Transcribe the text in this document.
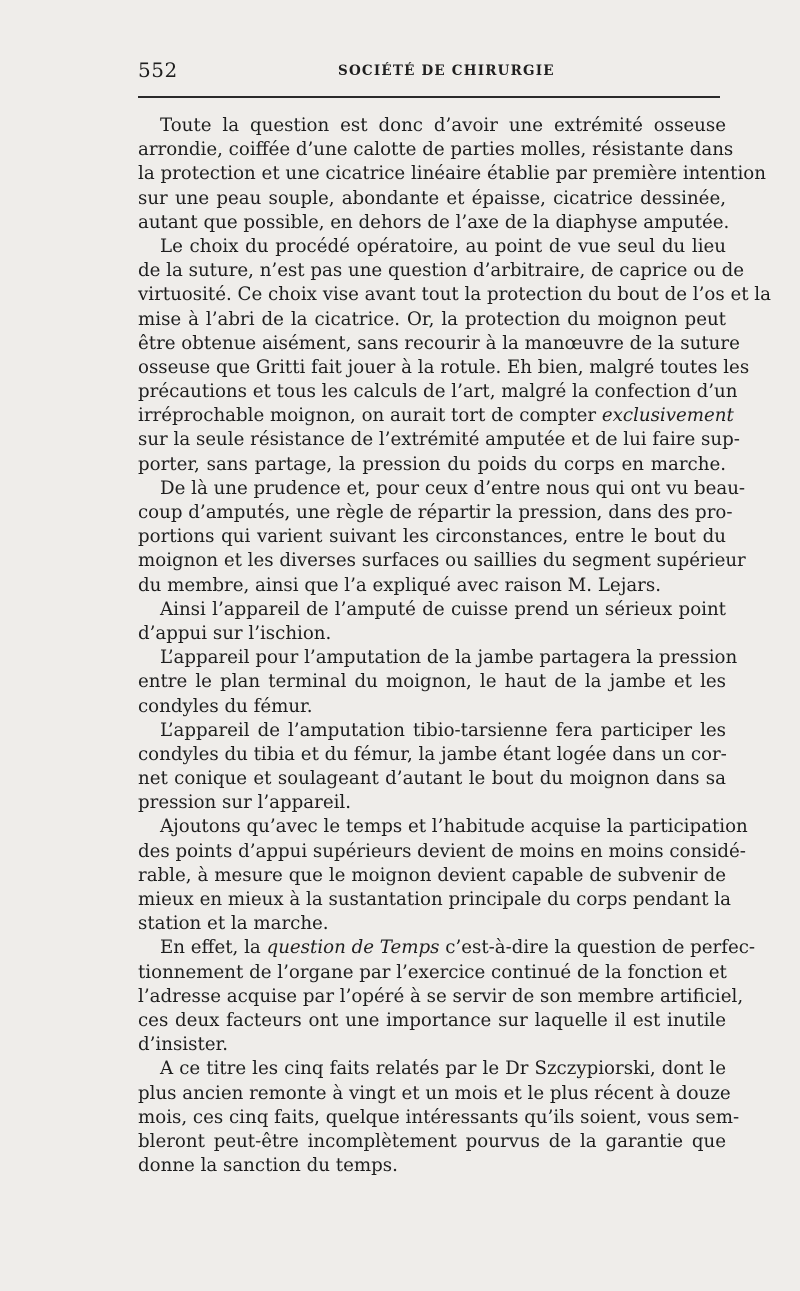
552	SOCIÉTÉ DE CHIRURGIE
Toute la question est donc d’avoir une extrémité osseuse
arrondie, coiffée d’une calotte de parties molles, résistante dans
la protection et une cicatrice linéaire établie par première intention
sur une peau souple, abondante et épaisse, cicatrice dessinée,
autant que possible, en dehors de l’axe de la diaphyse amputée.
Le choix du procédé opératoire, au point de vue seul du lieu
de la suture, n’est pas une question d’arbitraire, de caprice ou de
virtuosité. Ce choix vise avant tout la protection du bout de l’os et la
mise à l’abri de la cicatrice. Or, la protection du moignon peut
être obtenue aisément, sans recourir à la manœuvre de la suture
osseuse que Gritti fait jouer à la rotule. Eh bien, malgré toutes les
précautions et tous les calculs de l’art, malgré la confection d’un
irréprochable moignon, on aurait tort de compter exclusivement
sur la seule résistance de l’extrémité amputée et de lui faire sup-
porter, sans partage, la pression du poids du corps en marche.
De là une prudence et, pour ceux d’entre nous qui ont vu beau-
coup d’amputés, une règle de répartir la pression, dans des pro-
portions qui varient suivant les circonstances, entre le bout du
moignon et les diverses surfaces ou saillies du segment supérieur
du membre, ainsi que l’a expliqué avec raison M. Lejars.
Ainsi l’appareil de l’amputé de cuisse prend un sérieux point
d’appui sur l’ischion.
L’appareil pour l’amputation de la jambe partagera la pression
entre le plan terminal du moignon, le haut de la jambe et les
condyles du fémur.
L’appareil de l’amputation tibio-tarsienne fera participer les
condyles du tibia et du fémur, la jambe étant logée dans un cor-
net conique et soulageant d’autant le bout du moignon dans sa
pression sur l’appareil.
Ajoutons qu’avec le temps et l’habitude acquise la participation
des points d’appui supérieurs devient de moins en moins considé-
rable, à mesure que le moignon devient capable de subvenir de
mieux en mieux à la sustantation principale du corps pendant la
station et la marche.
En effet, la question de Temps c’est-à-dire la question de perfec-
tionnement de l’organe par l’exercice continué de la fonction et
l’adresse acquise par l’opéré à se servir de son membre artificiel,
ces deux facteurs ont une importance sur laquelle il est inutile
d’insister.
A ce titre les cinq faits relatés par le Dr Szczypiorski, dont le
plus ancien remonte à vingt et un mois et le plus récent à douze
mois, ces cinq faits, quelque intéressants qu’ils soient, vous sem-
bleront peut-être incomplètement pourvus de la garantie que
donne la sanction du temps.
